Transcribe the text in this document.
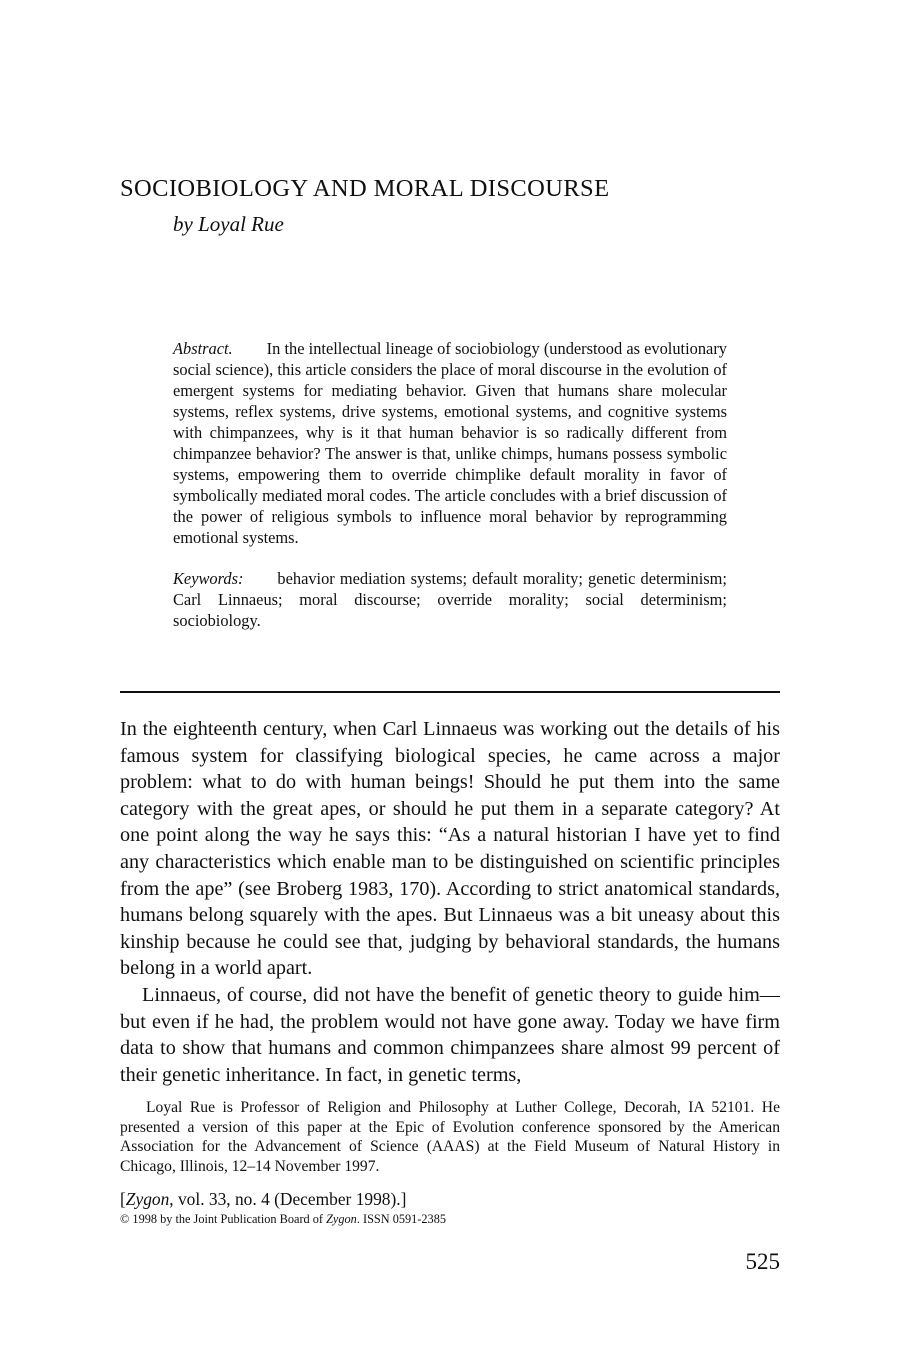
SOCIOBIOLOGY AND MORAL DISCOURSE
by Loyal Rue

Abstract. In the intellectual lineage of sociobiology (understood as evolutionary social science), this article considers the place of moral discourse in the evolution of emergent systems for mediating behavior. Given that humans share molecular systems, reflex systems, drive systems, emotional systems, and cognitive systems with chimpanzees, why is it that human behavior is so radically different from chimpanzee behavior? The answer is that, unlike chimps, humans possess symbolic systems, empowering them to override chimplike default morality in favor of symbolically mediated moral codes. The article concludes with a brief discussion of the power of religious symbols to influence moral behavior by reprogramming emotional systems.

Keywords: behavior mediation systems; default morality; genetic determinism; Carl Linnaeus; moral discourse; override morality; social determinism; sociobiology.

In the eighteenth century, when Carl Linnaeus was working out the details of his famous system for classifying biological species, he came across a major problem: what to do with human beings! Should he put them into the same category with the great apes, or should he put them in a separate category? At one point along the way he says this: “As a natural historian I have yet to find any characteristics which enable man to be distinguished on scientific principles from the ape” (see Broberg 1983, 170). According to strict anatomical standards, humans belong squarely with the apes. But Linnaeus was a bit uneasy about this kinship because he could see that, judging by behavioral standards, the humans belong in a world apart.

Linnaeus, of course, did not have the benefit of genetic theory to guide him—but even if he had, the problem would not have gone away. Today we have firm data to show that humans and common chimpanzees share almost 99 percent of their genetic inheritance. In fact, in genetic terms,

Loyal Rue is Professor of Religion and Philosophy at Luther College, Decorah, IA 52101. He presented a version of this paper at the Epic of Evolution conference sponsored by the American Association for the Advancement of Science (AAAS) at the Field Museum of Natural History in Chicago, Illinois, 12–14 November 1997.

[Zygon, vol. 33, no. 4 (December 1998).]
© 1998 by the Joint Publication Board of Zygon. ISSN 0591-2385
525
